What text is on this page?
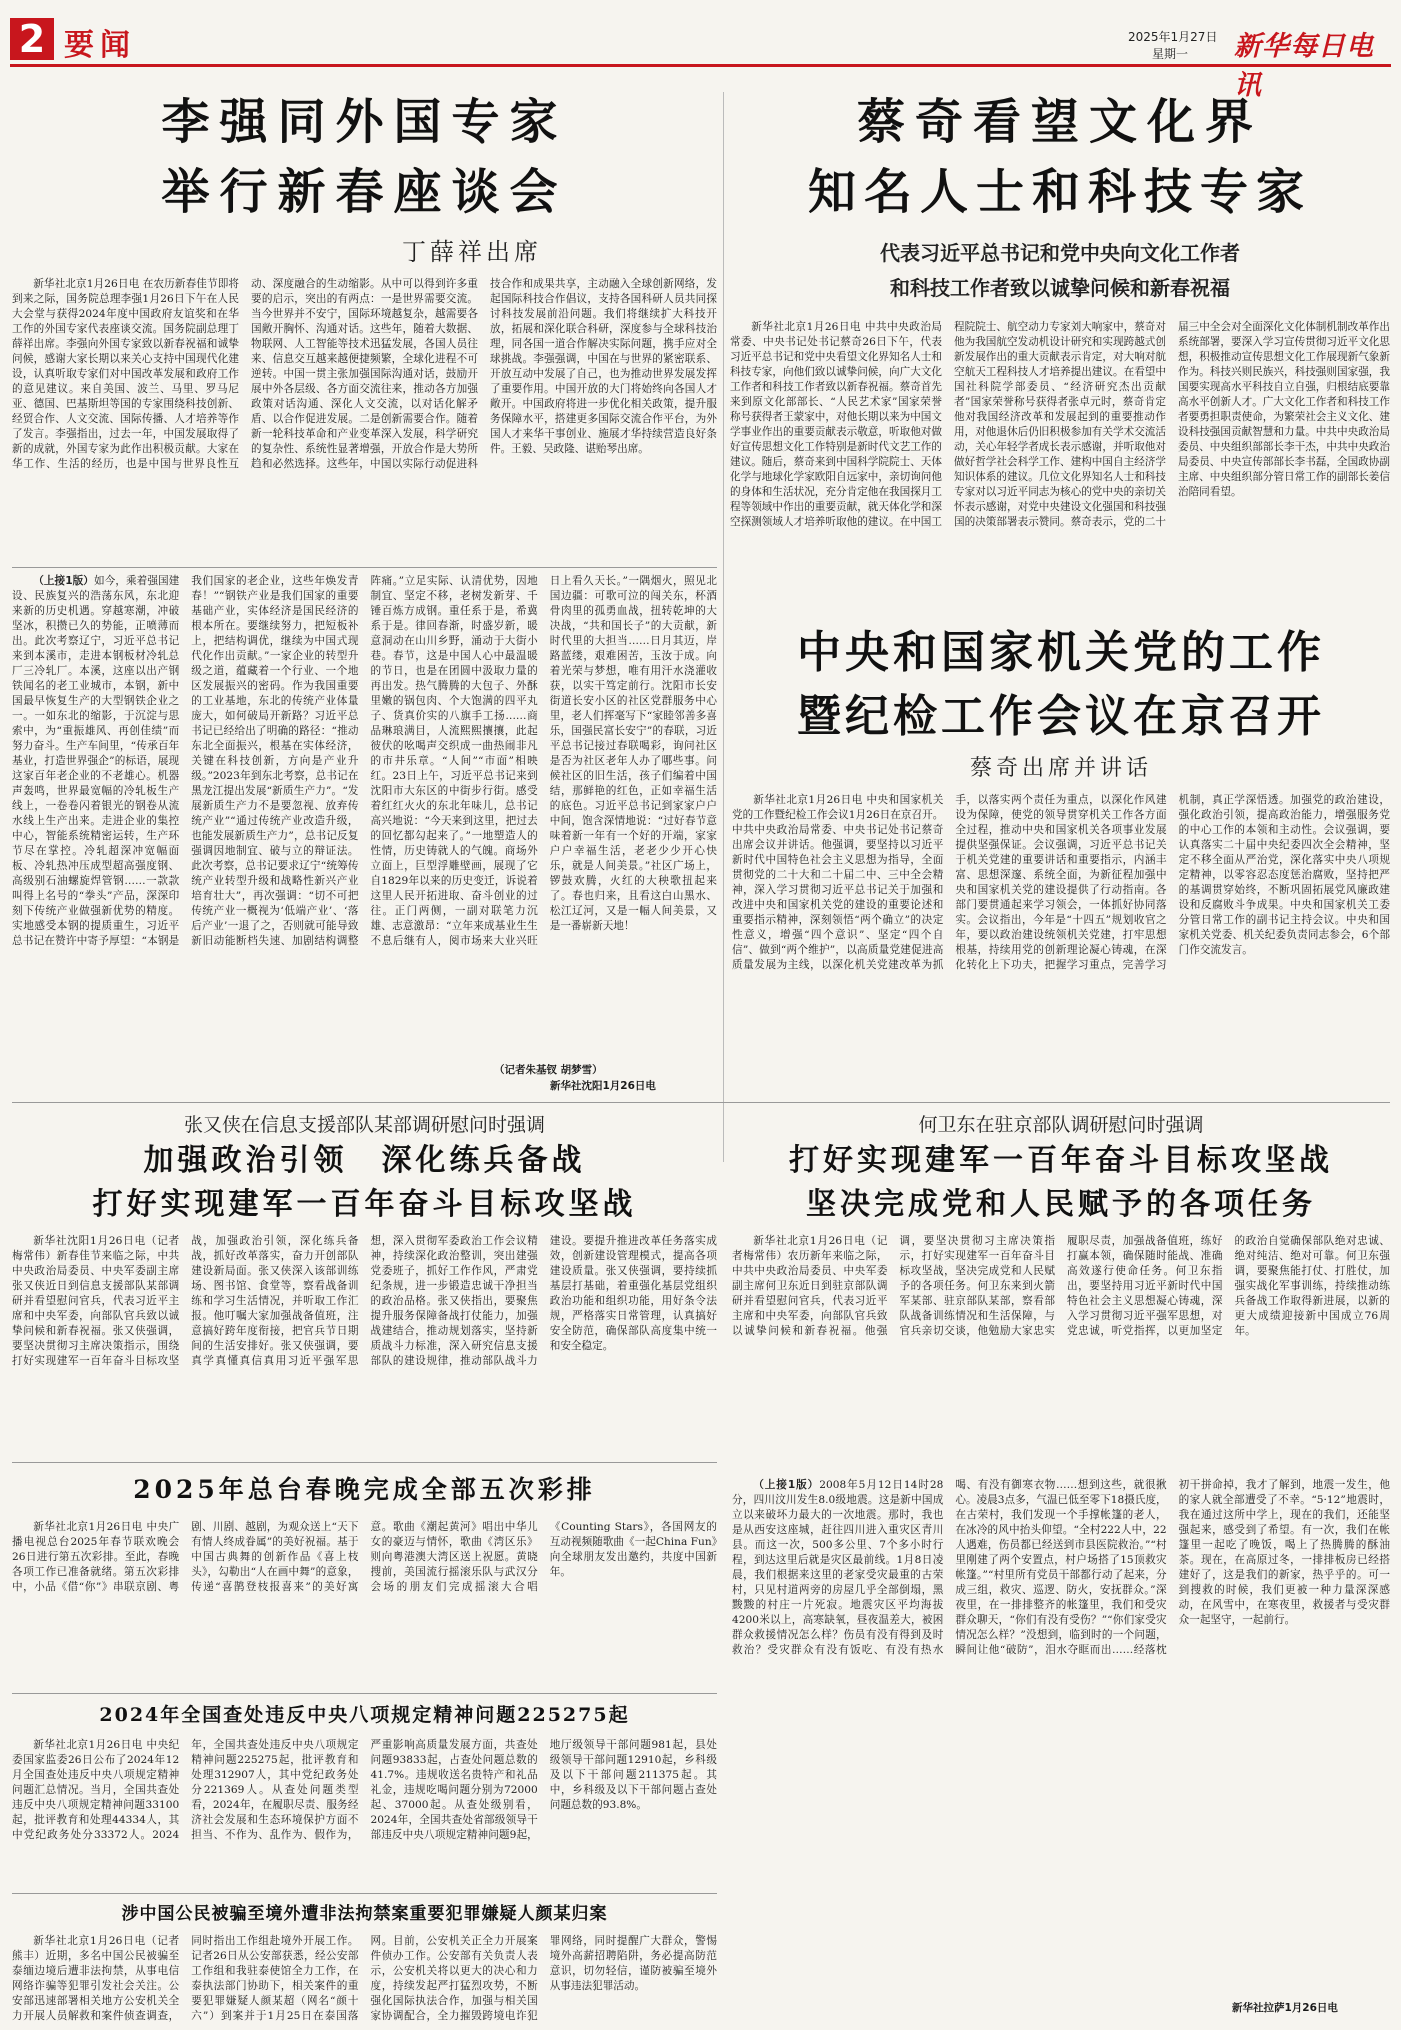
2 要闻	2025年1月27日
星期一 新华每日电讯
李强同外国专家
举行新春座谈会
丁薛祥出席
新华社北京1月26日电 在农历新春佳节即将到来之际，国务院总理李强1月26日下午在人民大会堂与获得2024年度中国政府友谊奖和在华工作的外国专家代表座谈交流。国务院副总理丁薛祥出席。李强向外国专家致以新春祝福和诚挚问候，感谢大家长期以来关心支持中国现代化建设，认真听取专家们对中国改革发展和政府工作的意见建议。来自美国、波兰、马里、罗马尼亚、德国、巴基斯坦等国的专家围绕科技创新、经贸合作、人文交流、国际传播、人才培养等作了发言。李强指出，过去一年，中国发展取得了新的成就，外国专家为此作出积极贡献。大家在华工作、生活的经历，也是中国与世界良性互动、深度融合的生动缩影。从中可以得到许多重要的启示，突出的有两点：一是世界需要交流。当今世界并不安宁，国际环境越复杂，越需要各国敞开胸怀、沟通对话。这些年，随着大数据、物联网、人工智能等技术迅猛发展，各国人员往来、信息交互越来越便捷频繁，全球化进程不可逆转。中国一贯主张加强国际沟通对话，鼓励开展中外各层级、各方面交流往来，推动各方加强政策对话沟通、深化人文交流，以对话化解矛盾、以合作促进发展。二是创新需要合作。随着新一轮科技革命和产业变革深入发展，科学研究的复杂性、系统性显著增强，开放合作是大势所趋和必然选择。这些年，中国以实际行动促进科技合作和成果共享，主动融入全球创新网络，发起国际科技合作倡议，支持各国科研人员共同探讨科技发展前沿问题。我们将继续扩大科技开放，拓展和深化联合科研，深度参与全球科技治理，同各国一道合作解决实际问题，携手应对全球挑战。李强强调，中国在与世界的紧密联系、开放互动中发展了自己，也为推动世界发展发挥了重要作用。中国开放的大门将始终向各国人才敞开。中国政府将进一步优化相关政策，提升服务保障水平，搭建更多国际交流合作平台，为外国人才来华干事创业、施展才华持续营造良好条件。王毅、吴政隆、谌贻琴出席。
蔡奇看望文化界
知名人士和科技专家
代表习近平总书记和党中央向文化工作者
和科技工作者致以诚挚问候和新春祝福
新华社北京1月26日电 中共中央政治局常委、中央书记处书记蔡奇26日下午，代表习近平总书记和党中央看望文化界知名人士和科技专家，向他们致以诚挚问候，向广大文化工作者和科技工作者致以新春祝福。蔡奇首先来到原文化部部长、“人民艺术家”国家荣誉称号获得者王蒙家中，对他长期以来为中国文学事业作出的重要贡献表示敬意，听取他对做好宣传思想文化工作特别是新时代文艺工作的建议。随后，蔡奇来到中国科学院院士、天体化学与地球化学家欧阳自远家中，亲切询问他的身体和生活状况，充分肯定他在我国探月工程等领域中作出的重要贡献，就天体化学和深空探测领域人才培养听取他的建议。在中国工程院院士、航空动力专家刘大响家中，蔡奇对他为我国航空发动机设计研究和实现跨越式创新发展作出的重大贡献表示肯定，对大响对航空航天工程科技人才培养提出建议。在看望中国社科院学部委员、“经济研究杰出贡献者”国家荣誉称号获得者张卓元时，蔡奇肯定他对我国经济改革和发展起到的重要推动作用，对他退休后仍旧积极参加有关学术交流活动，关心年轻学者成长表示感谢，并听取他对做好哲学社会科学工作、建构中国自主经济学知识体系的建议。几位文化界知名人士和科技专家对以习近平同志为核心的党中央的亲切关怀表示感谢，对党中央建设文化强国和科技强国的决策部署表示赞同。蔡奇表示，党的二十届三中全会对全面深化文化体制机制改革作出系统部署，要深入学习宣传贯彻习近平文化思想，积极推动宣传思想文化工作展现新气象新作为。科技兴则民族兴，科技强则国家强，我国要实现高水平科技自立自强，归根结底要靠高水平创新人才。广大文化工作者和科技工作者要勇担职责使命，为繁荣社会主义文化、建设科技强国贡献智慧和力量。中共中央政治局委员、中央组织部部长李干杰，中共中央政治局委员、中央宣传部部长李书磊，全国政协副主席、中央组织部分管日常工作的副部长姜信治陪同看望。
（上接1版）如今，乘着强国建设、民族复兴的浩荡东风，东北迎来新的历史机遇。穿越寒潮，冲破坚冰，积攒已久的势能，正喷薄而出。此次考察辽宁，习近平总书记来到本溪市，走进本钢板材冷轧总厂三冷轧厂。本溪，这座以出产钢铁闻名的老工业城市，本钢，新中国最早恢复生产的大型钢铁企业之一。一如东北的缩影，于沉淀与思索中，为“重振雄风、再创佳绩”而努力奋斗。生产车间里，“传承百年基业，打造世界强企”的标语，展现这家百年老企业的不老雄心。机器声轰鸣，世界最宽幅的冷轧板生产线上，一卷卷闪着银光的钢卷从流水线上生产出来。走进企业的集控中心，智能系统精密运转，生产环节尽在掌控。冷轧超深冲宽幅面板、冷轧热冲压成型超高强度钢、高级别石油螺旋焊管钢……一款款叫得上名号的“拳头”产品，深深印刻下传统产业做强新优势的精度。实地感受本钢的提质重生，习近平总书记在赞许中寄予厚望：“本钢是我们国家的老企业，这些年焕发青春！”“钢铁产业是我们国家的重要基础产业，实体经济是国民经济的根本所在。要继续努力，把短板补上，把结构调优，继续为中国式现代化作出贡献。”一家企业的转型升级之道，蕴藏着一个行业、一个地区发展振兴的密码。作为我国重要的工业基地，东北的传统产业体量庞大，如何破局开新路？习近平总书记已经给出了明确的路径：“推动东北全面振兴，根基在实体经济，关键在科技创新，方向是产业升级。”2023年到东北考察，总书记在黑龙江提出发展“新质生产力”。“发展新质生产力不是要忽视、放弃传统产业”“通过传统产业改造升级，也能发展新质生产力”，总书记反复强调因地制宜、破与立的辩证法。此次考察，总书记要求辽宁“统筹传统产业转型升级和战略性新兴产业培育壮大”，再次强调：“切不可把传统产业一概视为‘低端产业’、‘落后产业’一退了之，否则就可能导致新旧动能断档失速、加剧结构调整阵痛。”立足实际、认清优势，因地制宜、坚定不移，老树发新芽、千锤百炼方成钢。重任系于是，希冀系于是。律回春渐，时盛岁新，暖意洞动在山川乡野，涌动于大街小巷。春节，这是中国人心中最温暖的节日，也是在团圆中汲取力量的再出发。热气腾腾的大包子、外酥里嫩的锅包肉、个大饱满的四平丸子、货真价实的八旗手工扬……商品琳琅满目，人流熙熙攘攘，此起彼伏的吆喝声交织成一曲热闹非凡的市井乐章。“人间”“市面”相映红。23日上午，习近平总书记来到沈阳市大东区的中街步行街。感受着红红火火的东北年味儿，总书记高兴地说：“今天来到这里，把过去的回忆都勾起来了。”一地塑造人的性情，历史铸就人的气魄。商场外立面上，巨型浮雕壁画，展现了它自1829年以来的历史变迁，诉说着这里人民开拓进取、奋斗创业的过往。正门两侧，一副对联笔力沉雄、志意激昂：“立年来成基业生生不息后继有人，阅市场来大业兴旺日上看久天长。”一隅烟火，照见北国边疆：可歌可泣的闯关东，杯酒骨肉里的孤勇血战，扭转乾坤的大决战，“共和国长子”的大贡献，新时代里的大担当……日月其迈，岸路蓝缕，艰难困苦，玉汝于成。向着光荣与梦想，唯有用汗水浇灌收获，以实干笃定前行。沈阳市长安街道长安小区的社区党群服务中心里，老人们挥毫写下“家睦邻善多喜乐，国强民富长安宁”的春联，习近平总书记接过春联喝彩，询问社区是否为社区老年人办了哪些事。问候社区的旧生活，孩子们编着中国结，那鲜艳的红色，正如幸福生活的底色。习近平总书记到家家户户中间，饱含深情地说：“过好春节意味着新一年有一个好的开端，家家户户幸福生活，老老少少开心快乐，就是人间美景。”社区广场上，锣鼓欢腾，火红的大秧歌扭起来了。春也归来，且看这白山黑水、松江辽河，又是一幅人间美景，又是一番崭新天地！
（记者朱基钗 胡梦雪）
新华社沈阳1月26日电
中央和国家机关党的工作
暨纪检工作会议在京召开
蔡奇出席并讲话
新华社北京1月26日电 中央和国家机关党的工作暨纪检工作会议1月26日在京召开。中共中央政治局常委、中央书记处书记蔡奇出席会议并讲话。他强调，要坚持以习近平新时代中国特色社会主义思想为指导，全面贯彻党的二十大和二十届二中、三中全会精神，深入学习贯彻习近平总书记关于加强和改进中央和国家机关党的建设的重要论述和重要指示精神，深刻领悟“两个确立”的决定性意义，增强“四个意识”、坚定“四个自信”、做到“两个维护”，以高质量党建促进高质量发展为主线，以深化机关党建改革为抓手，以落实两个责任为重点，以深化作风建设为保障，使党的领导贯穿机关工作各方面全过程，推动中央和国家机关各项事业发展提供坚强保证。会议强调，习近平总书记关于机关党建的重要讲话和重要指示，内涵丰富、思想深邃、系统全面，为新征程加强中央和国家机关党的建设提供了行动指南。各部门要贯通起来学习领会，一体抓好协同落实。会议指出，今年是“十四五”规划收官之年，要以政治建设统领机关党建，打牢思想根基，持续用党的创新理论凝心铸魂，在深化转化上下功夫，把握学习重点，完善学习机制，真正学深悟透。加强党的政治建设，强化政治引领，提高政治能力，增强服务党的中心工作的本领和主动性。会议强调，要认真落实二十届中央纪委四次全会精神，坚定不移全面从严治党，深化落实中央八项规定精神，以零容忍态度惩治腐败，坚持把严的基调贯穿始终，不断巩固拓展党风廉政建设和反腐败斗争成果。中央和国家机关工委分管日常工作的副书记主持会议。中央和国家机关党委、机关纪委负责同志参会，6个部门作交流发言。
张又侠在信息支援部队某部调研慰问时强调
加强政治引领　深化练兵备战
打好实现建军一百年奋斗目标攻坚战
新华社沈阳1月26日电（记者梅常伟）新春佳节来临之际，中共中央政治局委员、中央军委副主席张又侠近日到信息支援部队某部调研并看望慰问官兵，代表习近平主席和中央军委，向部队官兵致以诚挚问候和新春祝福。张又侠强调，要坚决贯彻习主席决策指示，围绕打好实现建军一百年奋斗目标攻坚战，加强政治引领，深化练兵备战，抓好改革落实，奋力开创部队建设新局面。张又侠深入该部训练场、图书馆、食堂等，察看战备训练和学习生活情况，并听取工作汇报。他叮嘱大家加强战备值班，注意搞好跨年度衔接，把官兵节日期间的生活安排好。张又侠强调，要真学真懂真信真用习近平强军思想，深入贯彻军委政治工作会议精神，持续深化政治整训，突出建强党委班子，抓好工作作风，严肃党纪条规，进一步锻造忠诚干净担当的政治品格。张又侠指出，要聚焦提升服务保障备战打仗能力，加强战建结合，推动规划落实，坚持新质战斗力标准，深入研究信息支援部队的建设规律，推动部队战斗力建设。要提升推进改革任务落实成效，创新建设管理模式，提高各项建设质量。张又侠强调，要持续抓基层打基础，着重强化基层党组织政治功能和组织功能，用好条令法规，严格落实日常管理，认真搞好安全防范，确保部队高度集中统一和安全稳定。
何卫东在驻京部队调研慰问时强调
打好实现建军一百年奋斗目标攻坚战
坚决完成党和人民赋予的各项任务
新华社北京1月26日电（记者梅常伟）农历新年来临之际，中共中央政治局委员、中央军委副主席何卫东近日到驻京部队调研并看望慰问官兵，代表习近平主席和中央军委，向部队官兵致以诚挚问候和新春祝福。他强调，要坚决贯彻习主席决策指示，打好实现建军一百年奋斗目标攻坚战，坚决完成党和人民赋予的各项任务。何卫东来到火箭军某部、驻京部队某部，察看部队战备训练情况和生活保障，与官兵亲切交谈，他勉励大家忠实履职尽责，加强战备值班，练好打赢本领，确保随时能战、准确高效遂行使命任务。何卫东指出，要坚持用习近平新时代中国特色社会主义思想凝心铸魂，深入学习贯彻习近平强军思想，对党忠诚，听党指挥，以更加坚定的政治自觉确保部队绝对忠诚、绝对纯洁、绝对可靠。何卫东强调，要聚焦能打仗、打胜仗，加强实战化军事训练，持续推动练兵备战工作取得新进展，以新的更大成绩迎接新中国成立76周年。
2025年总台春晚完成全部五次彩排
新华社北京1月26日电 中央广播电视总台2025年春节联欢晚会26日进行第五次彩排。至此，春晚各项工作已准备就绪。第五次彩排中，小品《借“你”》串联京剧、粤剧、川剧、越剧，为观众送上“天下有情人终成眷属”的美好祝福。基于中国古典舞的创新作品《喜上枝头》，勾勒出“人在画中舞”的意象，传递“喜鹊登枝报喜来”的美好寓意。歌曲《潮起黄河》唱出中华儿女的豪迈与情怀，歌曲《湾区乐》则向粤港澳大湾区送上祝愿。黄晓搜前，美国流行摇滚乐队与武汉分会场的朋友们完成摇滚大合唱《Counting Stars》，各国网友的互动视频随歌曲《一起China Fun》向全球朋友发出邀约，共度中国新年。
2024年全国查处违反中央八项规定精神问题225275起
新华社北京1月26日电 中央纪委国家监委26日公布了2024年12月全国查处违反中央八项规定精神问题汇总情况。当月，全国共查处违反中央八项规定精神问题33100起，批评教育和处理44334人，其中党纪政务处分33372人。2024年，全国共查处违反中央八项规定精神问题225275起，批评教育和处理312907人，其中党纪政务处分221369人。从查处问题类型看，2024年，在履职尽责、服务经济社会发展和生态环境保护方面不担当、不作为、乱作为、假作为，严重影响高质量发展方面，共查处问题93833起，占查处问题总数的41.7%。违规收送名贵特产和礼品礼金，违规吃喝问题分别为72000起、37000起。从查处级别看，2024年，全国共查处省部级领导干部违反中央八项规定精神问题9起，地厅级领导干部问题981起，县处级领导干部问题12910起，乡科级及以下干部问题211375起。其中，乡科级及以下干部问题占查处问题总数的93.8%。
涉中国公民被骗至境外遭非法拘禁案重要犯罪嫌疑人颜某归案
新华社北京1月26日电（记者熊丰）近期，多名中国公民被骗至泰缅边境后遭非法拘禁，从事电信网络诈骗等犯罪引发社会关注。公安部迅速部署相关地方公安机关全力开展人员解救和案件侦查调查，同时指出工作组赴境外开展工作。记者26日从公安部获悉，经公安部工作组和我驻泰使馆全力工作，在泰执法部门协助下，相关案件的重要犯罪嫌疑人颜某超（网名“颜十六”）到案并于1月25日在泰国落网。目前，公安机关正全力开展案件侦办工作。公安部有关负责人表示，公安机关将以更大的决心和力度，持续发起严打猛烈攻势，不断强化国际执法合作，加强与相关国家协调配合，全力摧毁跨境电诈犯罪网络，同时提醒广大群众，警惕境外高薪招聘陷阱，务必提高防范意识，切勿轻信，谨防被骗至境外从事违法犯罪活动。
（上接1版）2008年5月12日14时28分，四川汶川发生8.0级地震。这是新中国成立以来破坏力最大的一次地震。那时，我也是从西安这座城，赶往四川进入重灾区青川县。而这一次，500多公里、7个多小时行程，到达这里后就是灾区最前线。1月8日凌晨，我们根据来这里的老家受灾最重的古荣村，只见村道两旁的房屋几乎全部倒塌，黑黢黢的村庄一片死寂。地震灾区平均海拔4200米以上，高寒缺氧，昼夜温差大，被困群众救援情况怎么样？伤员有没有得到及时救治？受灾群众有没有饭吃、有没有热水喝、有没有御寒衣物……想到这些，就很揪心。凌晨3点多，气温已低至零下18摄氏度，在古荣村，我们发现一个手撑帐篷的老人，在冰冷的风中抬头仰望。“全村222人中，22人遇难，伤员都已经送到市县医院救治。”“村里刚建了两个安置点，村户场搭了15顶救灾帐篷。”“村里所有党员干部都行动了起来，分成三组，救灾、巡逻、防火，安抚群众。”深夜里，在一排排整齐的帐篷里，我们和受灾群众聊天，“你们有没有受伤？”“你们家受灾情况怎么样？”没想到，临到时的一个问题，瞬间让他“破防”，泪水夺眶而出……经落枕初干拼命掉，我才了解到，地震一发生，他的家人就全部遭受了不幸。“5·12”地震时，我在通过这所中学上，现在的我们，还能坚强起来，感受到了希望。有一次，我们在帐篷里一起吃了晚饭，喝上了热腾腾的酥油茶。现在，在高原过冬，一排排板房已经搭建好了，这是我们的新家，热乎乎的。可一到搜救的时候，我们更被一种力量深深感动，在风雪中，在寒夜里，救援者与受灾群众一起坚守，一起前行。
新华社拉萨1月26日电
